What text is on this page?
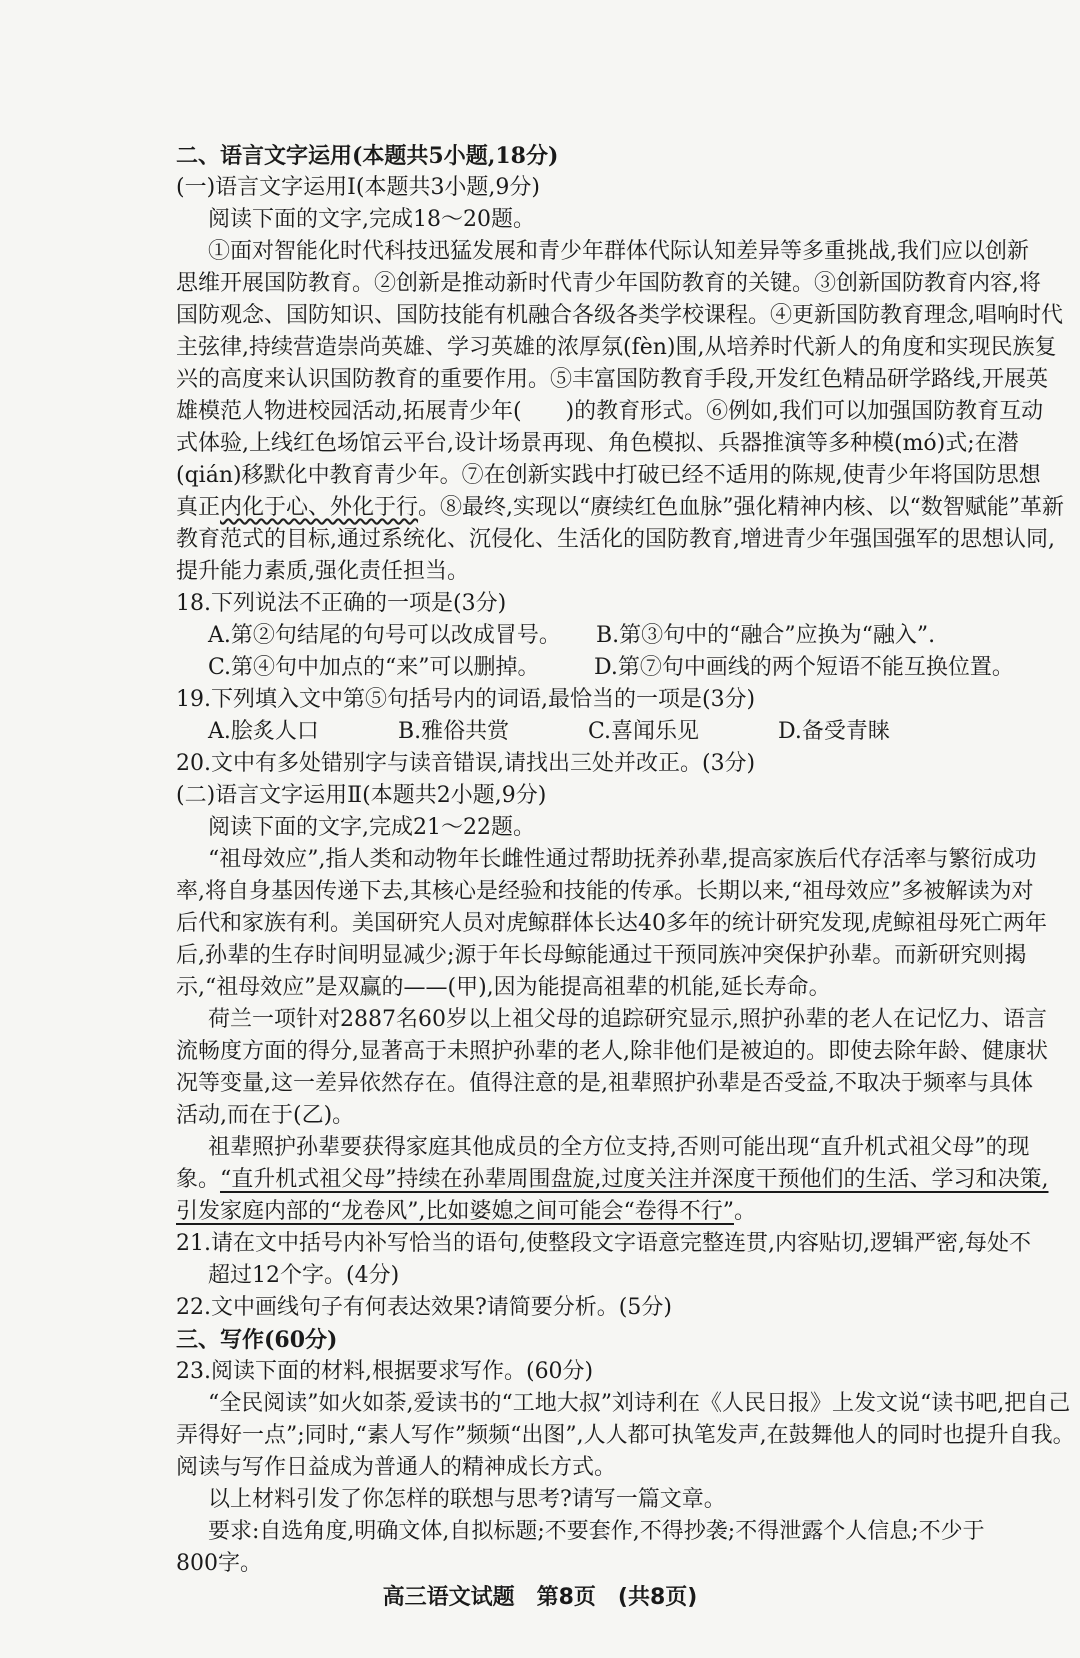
二、语言文字运用(本题共5小题,18分)
(一)语言文字运用Ⅰ(本题共3小题,9分)
阅读下面的文字,完成18～20题。
①面对智能化时代科技迅猛发展和青少年群体代际认知差异等多重挑战,我们应以创新
思维开展国防教育。②创新是推动新时代青少年国防教育的关键。③创新国防教育内容,将
国防观念、国防知识、国防技能有机融合各级各类学校课程。④更新国防教育理念,唱响时代
主弦律,持续营造崇尚英雄、学习英雄的浓厚氛(fèn)围,从培养时代新人的角度和实现民族复
兴的高度来认识国防教育的重要作用。⑤丰富国防教育手段,开发红色精品研学路线,开展英
雄模范人物进校园活动,拓展青少年(　　)的教育形式。⑥例如,我们可以加强国防教育互动
式体验,上线红色场馆云平台,设计场景再现、角色模拟、兵器推演等多种模(mó)式;在潜
(qián)移默化中教育青少年。⑦在创新实践中打破已经不适用的陈规,使青少年将国防思想
真正内化于心、外化于行。⑧最终,实现以“赓续红色血脉”强化精神内核、以“数智赋能”革新
教育范式的目标,通过系统化、沉侵化、生活化的国防教育,增进青少年强国强军的思想认同,
提升能力素质,强化责任担当。
18.下列说法不正确的一项是(3分)
A.第②句结尾的句号可以改成冒号。	B.第③句中的“融合”应换为“融入”.
C.第④句中加点的“来”可以删掉。	D.第⑦句中画线的两个短语不能互换位置。
19.下列填入文中第⑤句括号内的词语,最恰当的一项是(3分)
A.脍炙人口	B.雅俗共赏	C.喜闻乐见	D.备受青睐
20.文中有多处错别字与读音错误,请找出三处并改正。(3分)
(二)语言文字运用Ⅱ(本题共2小题,9分)
阅读下面的文字,完成21～22题。
“祖母效应”,指人类和动物年长雌性通过帮助抚养孙辈,提高家族后代存活率与繁衍成功
率,将自身基因传递下去,其核心是经验和技能的传承。长期以来,“祖母效应”多被解读为对
后代和家族有利。美国研究人员对虎鲸群体长达40多年的统计研究发现,虎鲸祖母死亡两年
后,孙辈的生存时间明显减少;源于年长母鲸能通过干预同族冲突保护孙辈。而新研究则揭
示,“祖母效应”是双赢的——(甲),因为能提高祖辈的机能,延长寿命。
荷兰一项针对2887名60岁以上祖父母的追踪研究显示,照护孙辈的老人在记忆力、语言
流畅度方面的得分,显著高于未照护孙辈的老人,除非他们是被迫的。即使去除年龄、健康状
况等变量,这一差异依然存在。值得注意的是,祖辈照护孙辈是否受益,不取决于频率与具体
活动,而在于(乙)。
祖辈照护孙辈要获得家庭其他成员的全方位支持,否则可能出现“直升机式祖父母”的现
象。“直升机式祖父母”持续在孙辈周围盘旋,过度关注并深度干预他们的生活、学习和决策,
引发家庭内部的“龙卷风”,比如婆媳之间可能会“卷得不行”。
21.请在文中括号内补写恰当的语句,使整段文字语意完整连贯,内容贴切,逻辑严密,每处不
超过12个字。(4分)
22.文中画线句子有何表达效果?请简要分析。(5分)
三、写作(60分)
23.阅读下面的材料,根据要求写作。(60分)
“全民阅读”如火如荼,爱读书的“工地大叔”刘诗利在《人民日报》上发文说“读书吧,把自己
弄得好一点”;同时,“素人写作”频频“出图”,人人都可执笔发声,在鼓舞他人的同时也提升自我。
阅读与写作日益成为普通人的精神成长方式。
以上材料引发了你怎样的联想与思考?请写一篇文章。
要求:自选角度,明确文体,自拟标题;不要套作,不得抄袭;不得泄露个人信息;不少于
800字。
高三语文试题　第8页　(共8页)
